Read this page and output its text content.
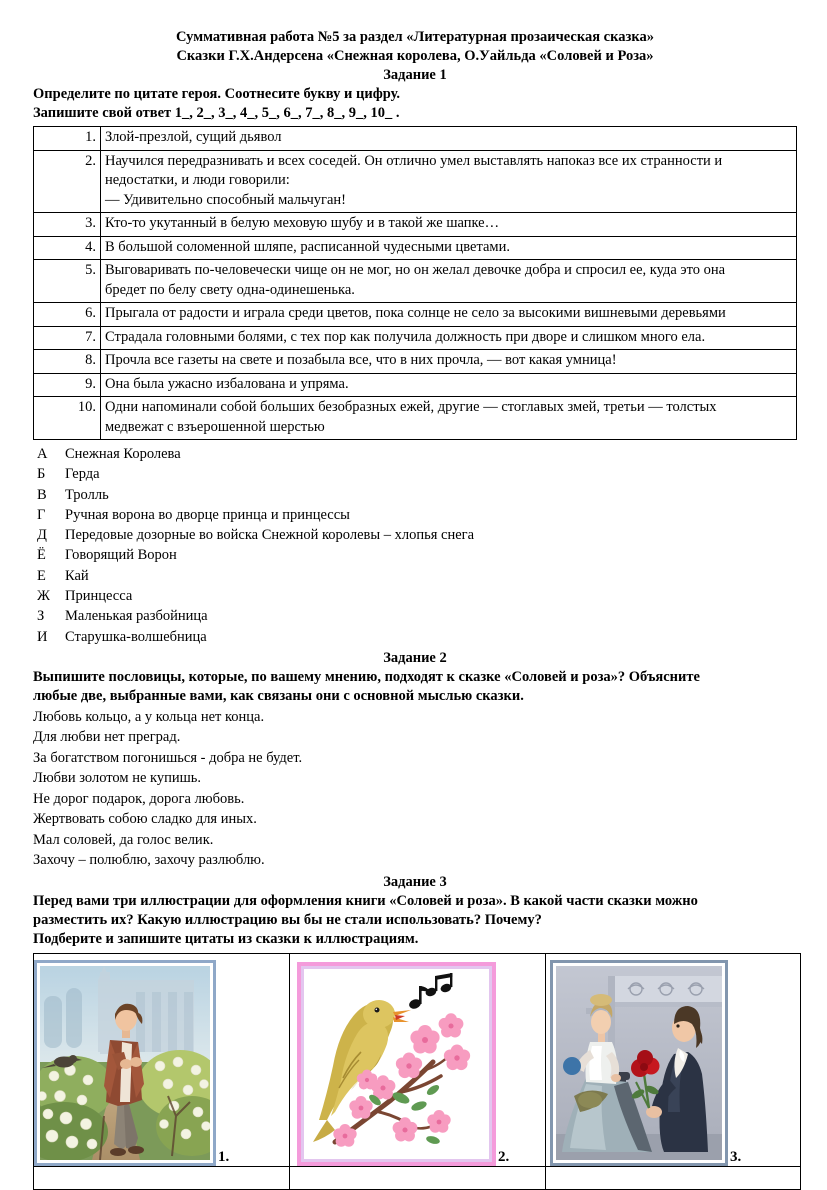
Суммативная работа №5 за раздел «Литературная прозаическая сказка»
Сказки Г.Х.Андерсена «Снежная королева, О.Уайльда «Соловей и Роза»
Задание 1
Определите по цитате героя. Соотнесите букву и цифру.
Запишите свой ответ 1_, 2_, 3_, 4_, 5_, 6_, 7_, 8_, 9_, 10_ .
1.	Злой-презлой, сущий дьявол

2.	Научился передразнивать и всех соседей. Он отлично умел выставлять напоказ все их странности и
недостатки, и люди говорили:
— Удивительно способный мальчуган!

3.	Кто-то укутанный в белую меховую шубу и в такой же шапке…

4.	В большой соломенной шляпе, расписанной чудесными цветами.

5.	Выговаривать по-человечески чище он не мог, но он желал девочке добра и спросил ее, куда это она
бредет по белу свету одна-одинешенька.

6.	Прыгала от радости и играла среди цветов, пока солнце не село за высокими вишневыми деревьями

7.	Страдала головными болями, с тех пор как получила должность при дворе и слишком много ела.

8.	Прочла все газеты на свете и позабыла все, что в них прочла, — вот какая умница!

9.	Она была ужасно избалована и упряма.

10.	Одни напоминали собой больших безобразных ежей, другие — стоглавых змей, третьи — толстых
медвежат с взъерошенной шерстью
А	Снежная Королева
Б	Герда
В	Тролль
Г	Ручная ворона во дворце принца и принцессы
Д	Передовые дозорные во войска Снежной королевы – хлопья снега
Ё	Говорящий Ворон
Е	Кай
Ж	Принцесса
З	Маленькая разбойница
И	Старушка-волшебница
Задание 2
Выпишите пословицы, которые, по вашему мнению, подходят к сказке «Соловей и роза»? Объясните
любые две, выбранные вами, как связаны они с основной мыслью сказки.
Любовь кольцо, а у кольца нет конца.
Для любви нет преград.
За богатством погонишься - добра не будет.
Любви золотом не купишь.
Не дорог подарок, дорога любовь.
Жертвовать собою сладко для иных.
Мал соловей, да голос велик.
Захочу – полюблю, захочу разлюблю.
Задание 3
Перед вами три иллюстрации для оформления книги «Соловей и роза». В какой части сказки можно
разместить их? Какую иллюстрацию вы бы не стали использовать? Почему?
Подберите и запишите цитаты из сказки к иллюстрациям.
1.	2.	3.
